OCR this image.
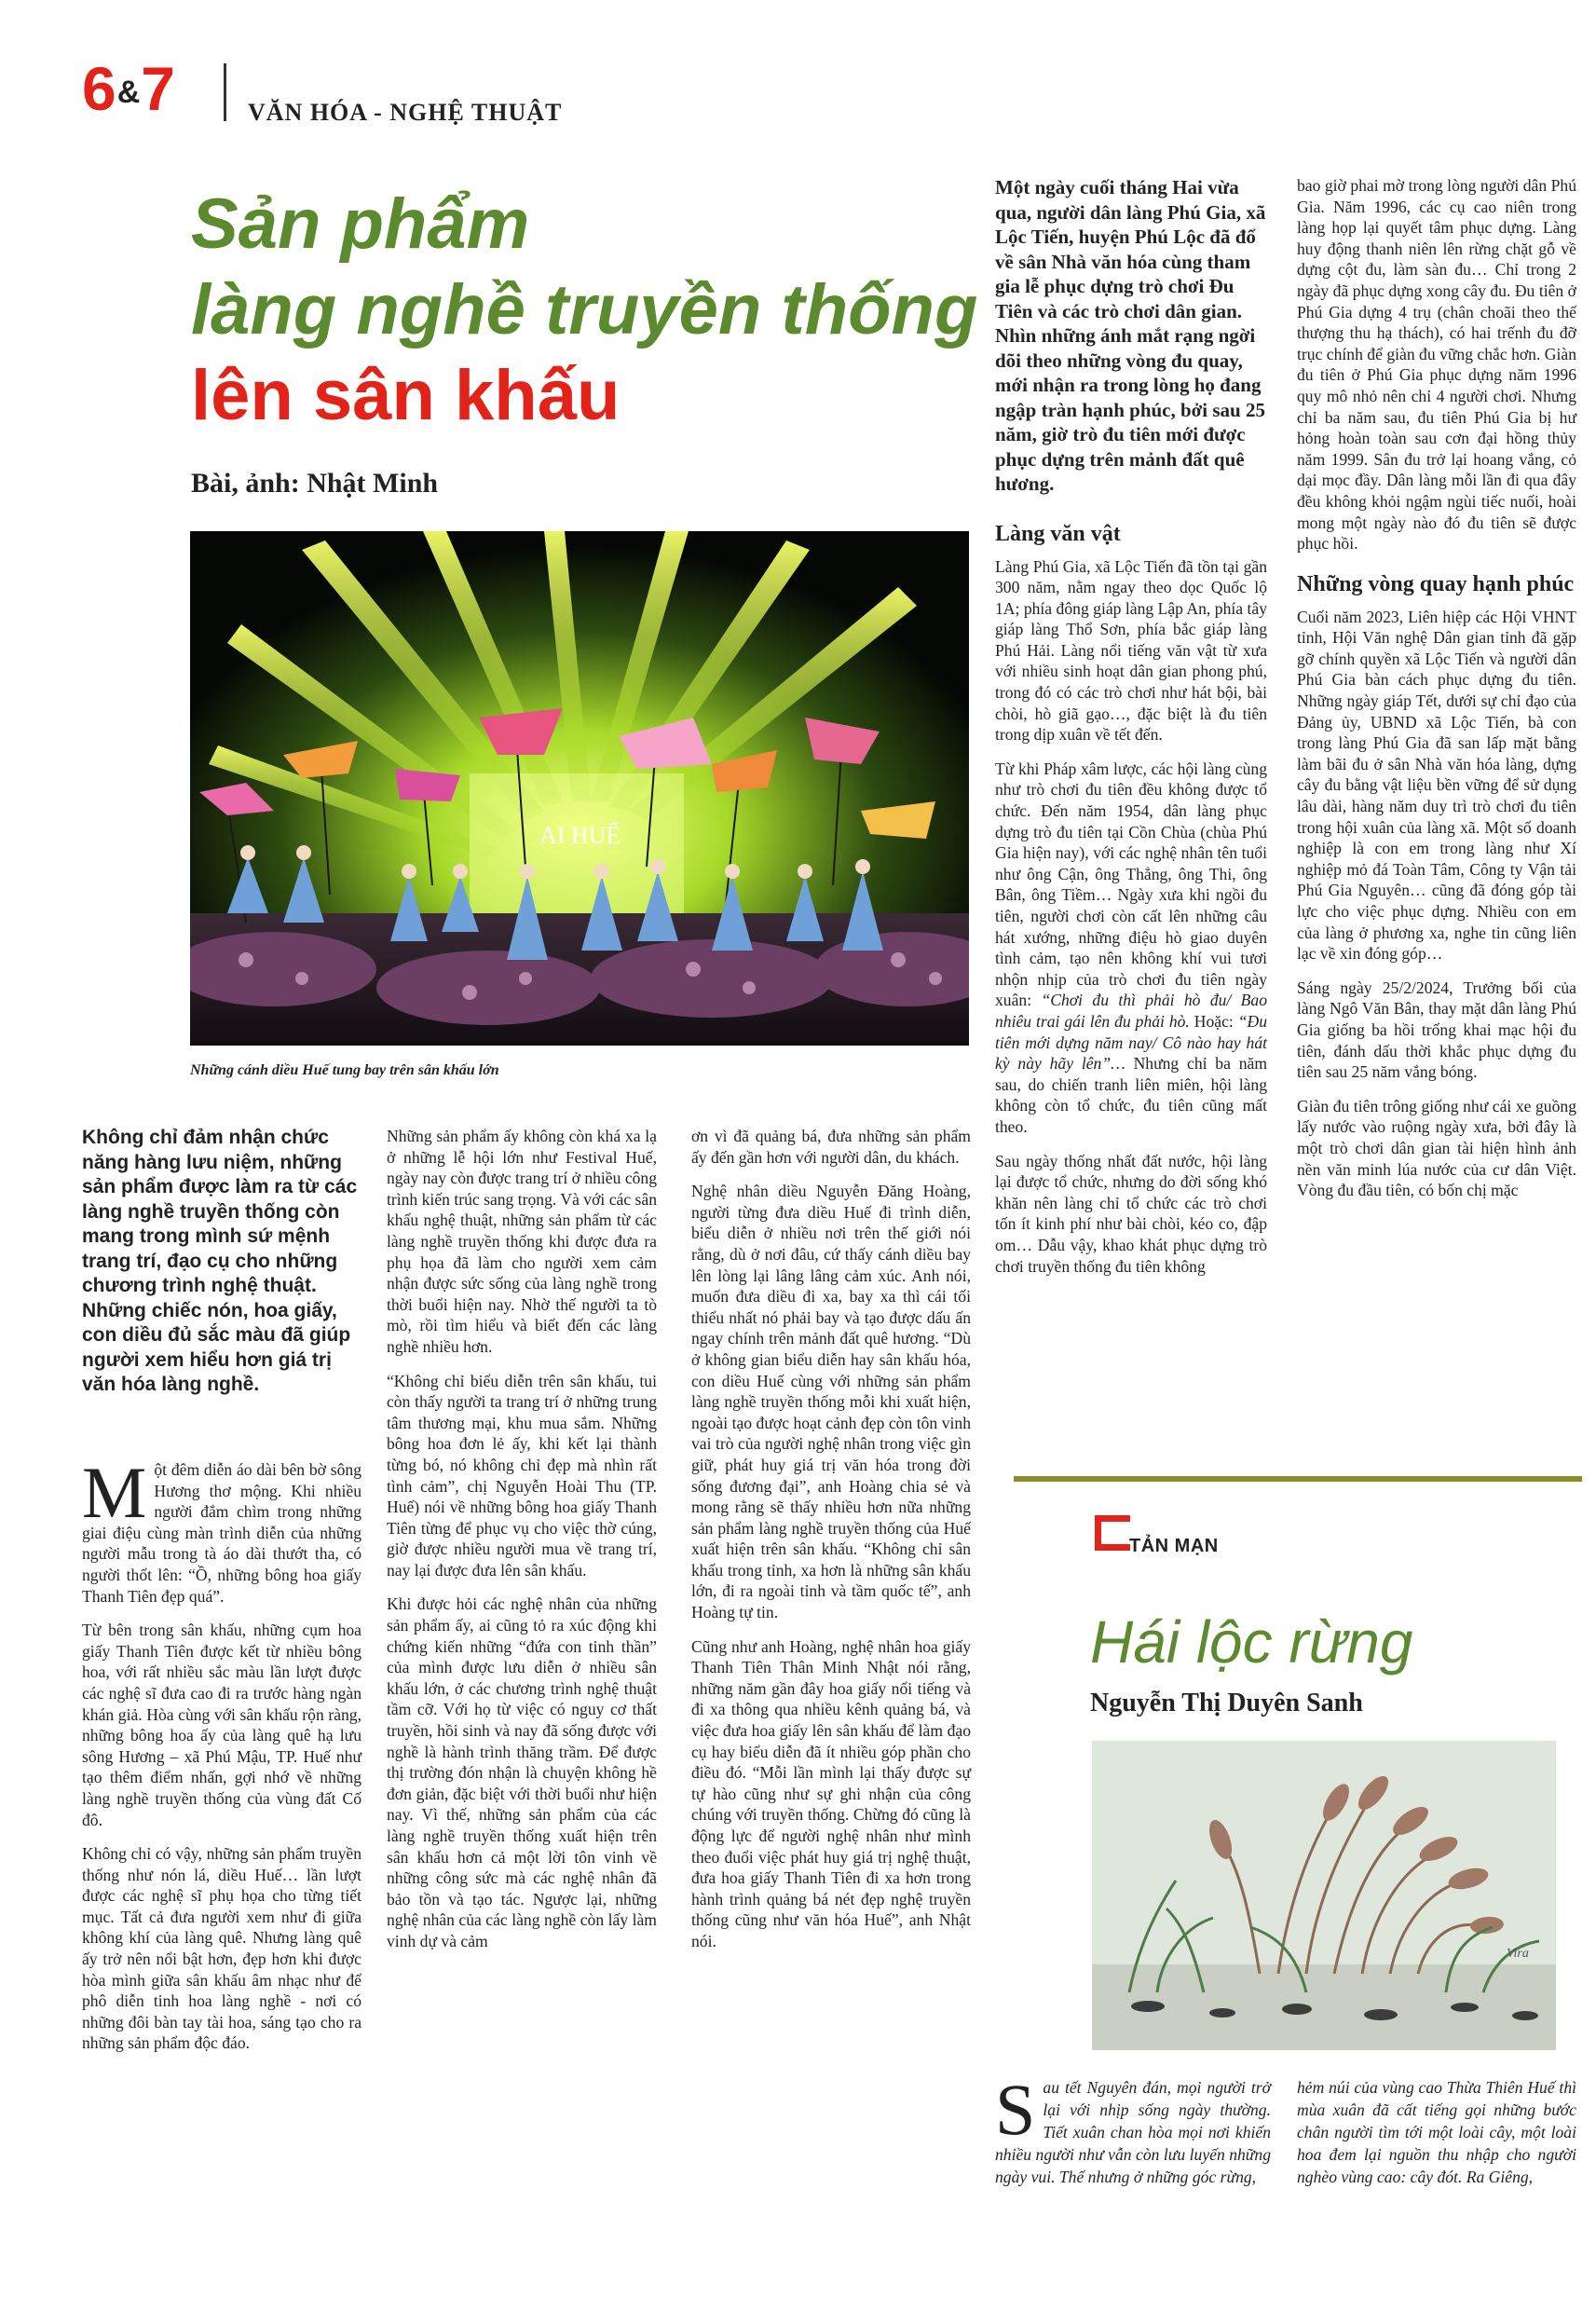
6&7	VĂN HÓA - NGHỆ THUẬT
Sản phẩm
làng nghề truyền thống
lên sân khấu
Bài, ảnh: Nhật Minh
AI HUẾ
Những cánh diều Huế tung bay trên sân khấu lớn
Không chỉ đảm nhận chức năng hàng lưu niệm, những sản phẩm được làm ra từ các làng nghề truyền thống còn mang trong mình sứ mệnh trang trí, đạo cụ cho những chương trình nghệ thuật. Những chiếc nón, hoa giấy, con diều đủ sắc màu đã giúp người xem hiểu hơn giá trị văn hóa làng nghề.

Một đêm diễn áo dài bên bờ sông Hương thơ mộng. Khi nhiều người đắm chìm trong những giai điệu cùng màn trình diễn của những người mẫu trong tà áo dài thướt tha, có người thốt lên: “Ồ, những bông hoa giấy Thanh Tiên đẹp quá”.

Từ bên trong sân khấu, những cụm hoa giấy Thanh Tiên được kết từ nhiều bông hoa, với rất nhiều sắc màu lần lượt được các nghệ sĩ đưa cao đi ra trước hàng ngàn khán giả. Hòa cùng với sân khấu rộn ràng, những bông hoa ấy của làng quê hạ lưu sông Hương – xã Phú Mậu, TP. Huế như tạo thêm điểm nhấn, gợi nhớ về những làng nghề truyền thống của vùng đất Cố đô.

Không chỉ có vậy, những sản phẩm truyền thống như nón lá, diều Huế… lần lượt được các nghệ sĩ phụ họa cho từng tiết mục. Tất cả đưa người xem như đi giữa không khí của làng quê. Nhưng làng quê ấy trở nên nổi bật hơn, đẹp hơn khi được hòa mình giữa sân khấu âm nhạc như để phô diễn tinh hoa làng nghề - nơi có những đôi bàn tay tài hoa, sáng tạo cho ra những sản phẩm độc đáo.

Những sản phẩm ấy không còn khá xa lạ ở những lễ hội lớn như Festival Huế, ngày nay còn được trang trí ở nhiều công trình kiến trúc sang trọng. Và với các sân khấu nghệ thuật, những sản phẩm từ các làng nghề truyền thống khi được đưa ra phụ họa đã làm cho người xem cảm nhận được sức sống của làng nghề trong thời buổi hiện nay. Nhờ thế người ta tò mò, rồi tìm hiểu và biết đến các làng nghề nhiều hơn.

“Không chỉ biểu diễn trên sân khấu, tui còn thấy người ta trang trí ở những trung tâm thương mại, khu mua sắm. Những bông hoa đơn lẻ ấy, khi kết lại thành từng bó, nó không chỉ đẹp mà nhìn rất tình cảm”, chị Nguyễn Hoài Thu (TP. Huế) nói về những bông hoa giấy Thanh Tiên từng để phục vụ cho việc thờ cúng, giờ được nhiều người mua về trang trí, nay lại được đưa lên sân khấu.

Khi được hỏi các nghệ nhân của những sản phẩm ấy, ai cũng tỏ ra xúc động khi chứng kiến những “đứa con tinh thần” của mình được lưu diễn ở nhiều sân khấu lớn, ở các chương trình nghệ thuật tầm cỡ. Với họ từ việc có nguy cơ thất truyền, hồi sinh và nay đã sống được với nghề là hành trình thăng trầm. Để được thị trường đón nhận là chuyện không hề đơn giản, đặc biệt với thời buổi như hiện nay. Vì thế, những sản phẩm của các làng nghề truyền thống xuất hiện trên sân khấu hơn cả một lời tôn vinh về những công sức mà các nghệ nhân đã bảo tồn và tạo tác. Ngược lại, những nghệ nhân của các làng nghề còn lấy làm vinh dự và cảm

ơn vì đã quảng bá, đưa những sản phẩm ấy đến gần hơn với người dân, du khách.

Nghệ nhân diều Nguyễn Đăng Hoàng, người từng đưa diều Huế đi trình diễn, biểu diễn ở nhiều nơi trên thế giới nói rằng, dù ở nơi đâu, cứ thấy cánh diều bay lên lòng lại lâng lâng cảm xúc. Anh nói, muốn đưa diều đi xa, bay xa thì cái tối thiểu nhất nó phải bay và tạo được dấu ấn ngay chính trên mảnh đất quê hương. “Dù ở không gian biểu diễn hay sân khấu hóa, con diều Huế cùng với những sản phẩm làng nghề truyền thống mỗi khi xuất hiện, ngoài tạo được hoạt cảnh đẹp còn tôn vinh vai trò của người nghệ nhân trong việc gìn giữ, phát huy giá trị văn hóa trong đời sống đương đại”, anh Hoàng chia sẻ và mong rằng sẽ thấy nhiều hơn nữa những sản phẩm làng nghề truyền thống của Huế xuất hiện trên sân khấu. “Không chỉ sân khấu trong tỉnh, xa hơn là những sân khấu lớn, đi ra ngoài tỉnh và tầm quốc tế”, anh Hoàng tự tin.

Cũng như anh Hoàng, nghệ nhân hoa giấy Thanh Tiên Thân Minh Nhật nói rằng, những năm gần đây hoa giấy nổi tiếng và đi xa thông qua nhiều kênh quảng bá, và việc đưa hoa giấy lên sân khấu để làm đạo cụ hay biểu diễn đã ít nhiều góp phần cho điều đó. “Mỗi lần mình lại thấy được sự tự hào cũng như sự ghi nhận của công chúng với truyền thống. Chừng đó cũng là động lực để người nghệ nhân như mình theo đuổi việc phát huy giá trị nghệ thuật, đưa hoa giấy Thanh Tiên đi xa hơn trong hành trình quảng bá nét đẹp nghệ truyền thống cũng như văn hóa Huế”, anh Nhật nói.

Một ngày cuối tháng Hai vừa qua, người dân làng Phú Gia, xã Lộc Tiến, huyện Phú Lộc đã đổ về sân Nhà văn hóa cùng tham gia lễ phục dựng trò chơi Đu Tiên và các trò chơi dân gian. Nhìn những ánh mắt rạng ngời dõi theo những vòng đu quay, mới nhận ra trong lòng họ đang ngập tràn hạnh phúc, bởi sau 25 năm, giờ trò đu tiên mới được phục dựng trên mảnh đất quê hương.

Làng văn vật

Làng Phú Gia, xã Lộc Tiến đã tồn tại gần 300 năm, nằm ngay theo dọc Quốc lộ 1A; phía đông giáp làng Lập An, phía tây giáp làng Thổ Sơn, phía bắc giáp làng Phú Hải. Làng nổi tiếng văn vật từ xưa với nhiều sinh hoạt dân gian phong phú, trong đó có các trò chơi như hát bội, bài chòi, hò giã gạo…, đặc biệt là đu tiên trong dịp xuân về tết đến.

Từ khi Pháp xâm lược, các hội làng cùng như trò chơi đu tiên đều không được tổ chức. Đến năm 1954, dân làng phục dựng trò đu tiên tại Cồn Chùa (chùa Phú Gia hiện nay), với các nghệ nhân tên tuổi như ông Cận, ông Thẳng, ông Thi, ông Bân, ông Tiềm… Ngày xưa khi ngồi đu tiên, người chơi còn cất lên những câu hát xướng, những điệu hò giao duyên tình cảm, tạo nên không khí vui tươi nhộn nhịp của trò chơi đu tiên ngày xuân: “Chơi đu thì phải hò đu/ Bao nhiêu trai gái lên đu phải hò. Hoặc: “Đu tiên mới dựng năm nay/ Cô nào hay hát kỳ này hãy lên”… Nhưng chỉ ba năm sau, do chiến tranh liên miên, hội làng không còn tổ chức, đu tiên cũng mất theo.

Sau ngày thống nhất đất nước, hội làng lại được tổ chức, nhưng do đời sống khó khăn nên làng chỉ tổ chức các trò chơi tốn ít kinh phí như bài chòi, kéo co, đập om… Dẫu vậy, khao khát phục dựng trò chơi truyền thống đu tiên không

bao giờ phai mờ trong lòng người dân Phú Gia. Năm 1996, các cụ cao niên trong làng họp lại quyết tâm phục dựng. Làng huy động thanh niên lên rừng chặt gỗ về dựng cột đu, làm sàn đu… Chỉ trong 2 ngày đã phục dựng xong cây đu. Đu tiên ở Phú Gia dựng 4 trụ (chân choãi theo thế thượng thu hạ thách), có hai trếnh đu đỡ trục chính để giàn đu vững chắc hơn. Giàn đu tiên ở Phú Gia phục dựng năm 1996 quy mô nhỏ nên chỉ 4 người chơi. Nhưng chỉ ba năm sau, đu tiên Phú Gia bị hư hỏng hoàn toàn sau cơn đại hồng thủy năm 1999. Sân đu trở lại hoang vắng, cỏ dại mọc đầy. Dân làng mỗi lần đi qua đây đều không khỏi ngậm ngùi tiếc nuối, hoài mong một ngày nào đó đu tiên sẽ được phục hồi.

Những vòng quay hạnh phúc

Cuối năm 2023, Liên hiệp các Hội VHNT tỉnh, Hội Văn nghệ Dân gian tỉnh đã gặp gỡ chính quyền xã Lộc Tiến và người dân Phú Gia bàn cách phục dựng đu tiên. Những ngày giáp Tết, dưới sự chỉ đạo của Đảng ủy, UBND xã Lộc Tiến, bà con trong làng Phú Gia đã san lấp mặt bằng làm bãi đu ở sân Nhà văn hóa làng, dựng cây đu bằng vật liệu bền vững để sử dụng lâu dài, hàng năm duy trì trò chơi đu tiên trong hội xuân của làng xã. Một số doanh nghiệp là con em trong làng như Xí nghiệp mỏ đá Toàn Tâm, Công ty Vận tải Phú Gia Nguyên… cũng đã đóng góp tài lực cho việc phục dựng. Nhiều con em của làng ở phương xa, nghe tin cũng liên lạc về xin đóng góp…

Sáng ngày 25/2/2024, Trưởng bối của làng Ngô Văn Bân, thay mặt dân làng Phú Gia giống ba hồi trống khai mạc hội đu tiên, đánh dấu thời khắc phục dựng đu tiên sau 25 năm vắng bóng.

Giàn đu tiên trông giống như cái xe guồng lấy nước vào ruộng ngày xưa, bởi đây là một trò chơi dân gian tài hiện hình ảnh nền văn minh lúa nước của cư dân Việt. Vòng đu đầu tiên, có bốn chị mặc

TẢN MẠN
Hái lộc rừng
Nguyễn Thị Duyên Sanh
Vira

Sau tết Nguyên đán, mọi người trở lại với nhịp sống ngày thường. Tiết xuân chan hòa mọi nơi khiến nhiều người như vẫn còn lưu luyến những ngày vui. Thế nhưng ở những góc rừng,

hẻm núi của vùng cao Thừa Thiên Huế thì mùa xuân đã cất tiếng gọi những bước chân người tìm tới một loài cây, một loài hoa đem lại nguồn thu nhập cho người nghèo vùng cao: cây đót. Ra Giêng,
